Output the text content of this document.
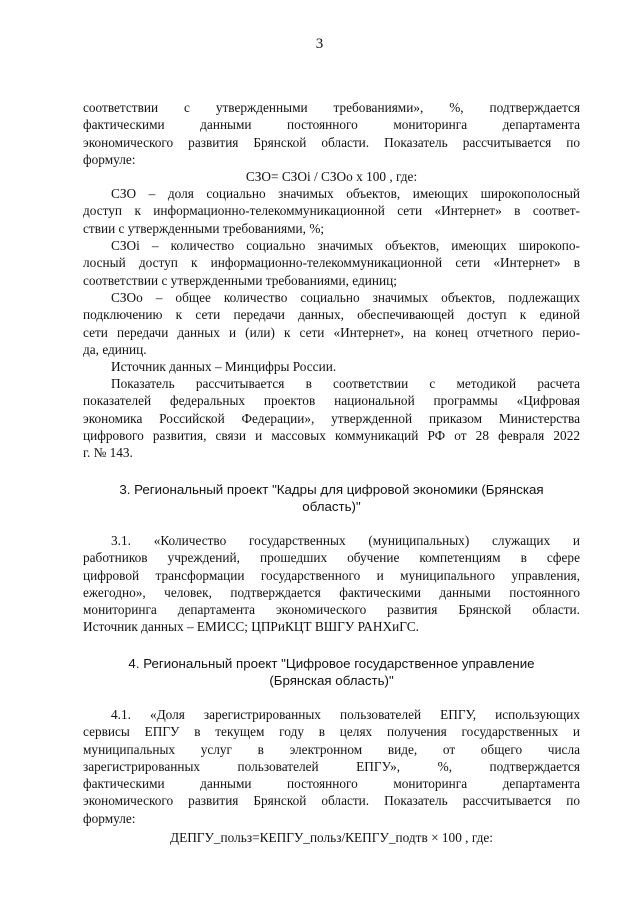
3

соответствии с утвержденными требованиями», %, подтверждается

фактическими данными постоянного мониторинга департамента

экономического развития Брянской области. Показатель рассчитывается по

формуле:

СЗО= СЗОi / СЗОо х 100 , где:

СЗО – доля социально значимых объектов, имеющих широкополосный

доступ к информационно-телекоммуникационной сети «Интернет» в соответ-

ствии с утвержденными требованиями, %;

СЗОi – количество социально значимых объектов, имеющих широкопо-

лосный доступ к информационно-телекоммуникационной сети «Интернет» в

соответствии с утвержденными требованиями, единиц;

СЗОо – общее количество социально значимых объектов, подлежащих

подключению к сети передачи данных, обеспечивающей доступ к единой

сети передачи данных и (или) к сети «Интернет», на конец отчетного перио-

да, единиц.

Источник данных – Минцифры России.

Показатель рассчитывается в соответствии с методикой расчета

показателей федеральных проектов национальной программы «Цифровая

экономика Российской Федерации», утвержденной приказом Министерства

цифрового развития, связи и массовых коммуникаций РФ от 28 февраля 2022

г. № 143.

3. Региональный проект "Кадры для цифровой экономики (Брянская

область)"

3.1. «Количество государственных (муниципальных) служащих и

работников учреждений, прошедших обучение компетенциям в сфере

цифровой трансформации государственного и муниципального управления,

ежегодно», человек, подтверждается фактическими данными постоянного

мониторинга департамента экономического развития Брянской области.

Источник данных – ЕМИСС; ЦПРиКЦТ ВШГУ РАНХиГС.

4. Региональный проект "Цифровое государственное управление

(Брянская область)"

4.1. «Доля зарегистрированных пользователей ЕПГУ, использующих

сервисы ЕПГУ в текущем году в целях получения государственных и

муниципальных услуг в электронном виде, от общего числа

зарегистрированных пользователей ЕПГУ», %, подтверждается

фактическими данными постоянного мониторинга департамента

экономического развития Брянской области. Показатель рассчитывается по

формуле:

ДЕПГУ_польз=КЕПГУ_польз/КЕПГУ_подтв × 100 , где:
